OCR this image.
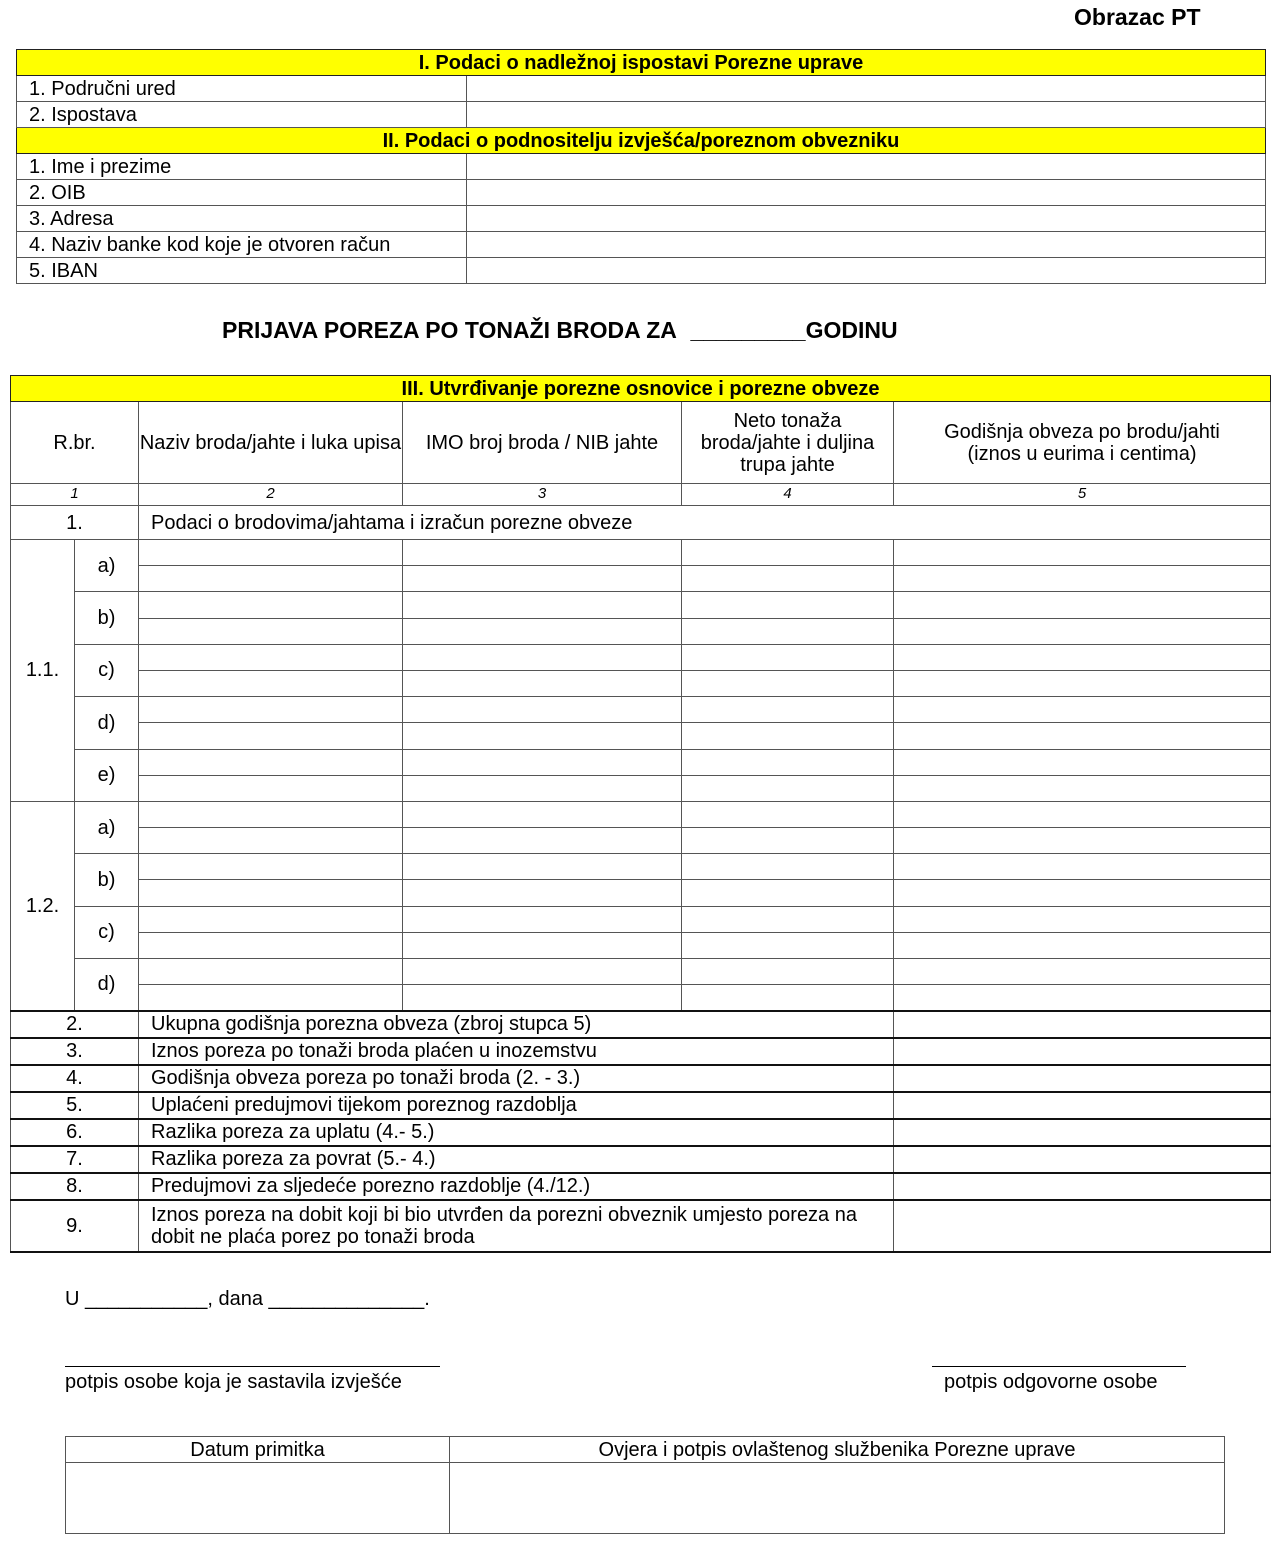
Obrazac PT
I. Podaci o nadležnoj ispostavi Porezne uprave	
1. Područni ured	
2. Ispostava	
II. Podaci o podnositelju izvješća/poreznom obvezniku	
1. Ime i prezime	
2. OIB	
3. Adresa	
4. Naziv banke kod koje je otvoren račun	
5. IBAN	
PRIJAVA POREZA PO TONAŽI BRODA ZA _________GODINU
III. Utvrđivanje porezne osnovice i porezne obveze					
R.br.		Naziv broda/jahte i luka upisa	IMO broj broda / NIB jahte	Neto tonaža broda/jahte i duljina trupa jahte	Godišnja obveza po brodu/jahti (iznos u eurima i centima)
1		2	3	4	5
1.		Podaci o brodovima/jahtama i izračun porezne obveze			
1.1.	a)				

	b)				

	c)				

	d)				

	e)				

1.2.	a)				

	b)				

	c)				

	d)				

2.		Ukupna godišnja porezna obveza (zbroj stupca 5)			
3.		Iznos poreza po tonaži broda plaćen u inozemstvu			
4.		Godišnja obveza poreza po tonaži broda (2. - 3.)			
5.		Uplaćeni predujmovi tijekom poreznog razdoblja			
6.		Razlika poreza za uplatu (4.- 5.)			
7.		Razlika poreza za povrat (5.- 4.)			
8.		Predujmovi za sljedeće porezno razdoblje (4./12.)			
9.		Iznos poreza na dobit koji bi bio utvrđen da porezni obveznik umjesto poreza na dobit ne plaća porez po tonaži broda			
U ___________, dana ______________.
potpis osobe koja je sastavila izvješće	potpis odgovorne osobe
Datum primitka	Ovjera i potpis ovlaštenog službenika Porezne uprave
